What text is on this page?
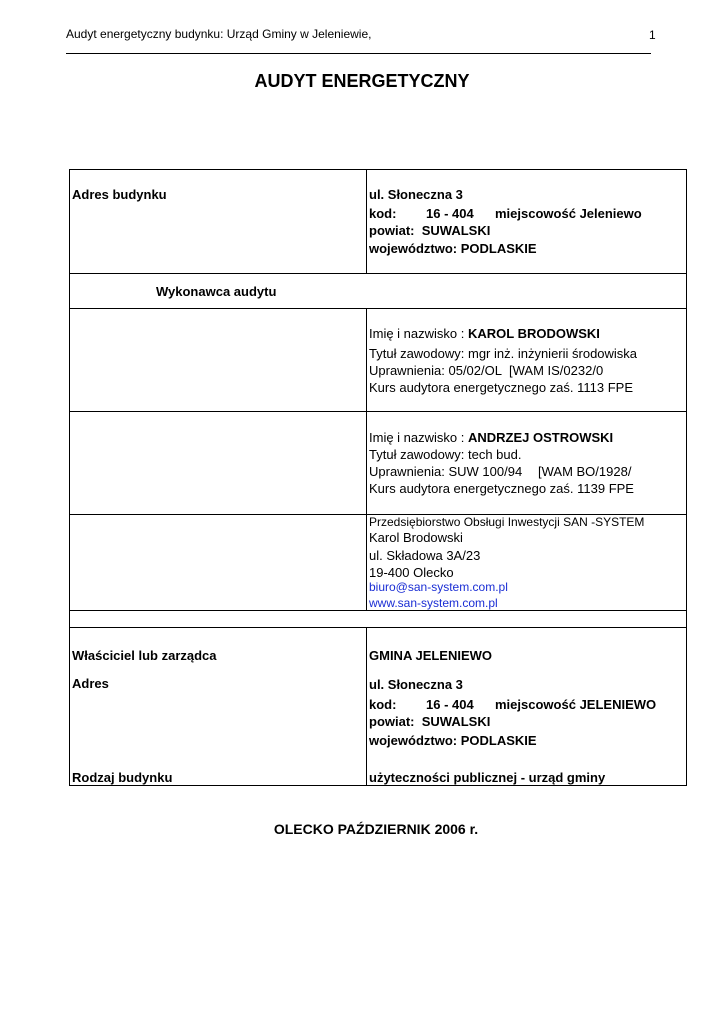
Audyt energetyczny budynku: Urząd Gminy w Jeleniewie,	1
AUDYT ENERGETYCZNY
Adres budynku	ul. Słoneczna 3
kod: 16 - 404 miejscowość Jeleniewo
powiat: SUWALSKI
województwo: PODLASKIE
Wykonawca audytu
Imię i nazwisko : KAROL BRODOWSKI
Tytuł zawodowy: mgr inż. inżynierii środowiska
Uprawnienia: 05/02/OL [WAM IS/0232/0
Kurs audytora energetycznego zaś. 1113 FPE
Imię i nazwisko : ANDRZEJ OSTROWSKI
Tytuł zawodowy: tech bud.
Uprawnienia: SUW 100/94 [WAM BO/1928/
Kurs audytora energetycznego zaś. 1139 FPE
Przedsiębiorstwo Obsługi Inwestycji SAN -SYSTEM
Karol Brodowski
ul. Składowa 3A/23
19-400 Olecko
biuro@san-system.com.pl
www.san-system.com.pl
Właściciel lub zarządca	GMINA JELENIEWO
Adres	ul. Słoneczna 3
kod: 16 - 404 miejscowość JELENIEWO
powiat: SUWALSKI
województwo: PODLASKIE
Rodzaj budynku	użyteczności publicznej - urząd gminy
OLECKO PAŹDZIERNIK 2006 r.
